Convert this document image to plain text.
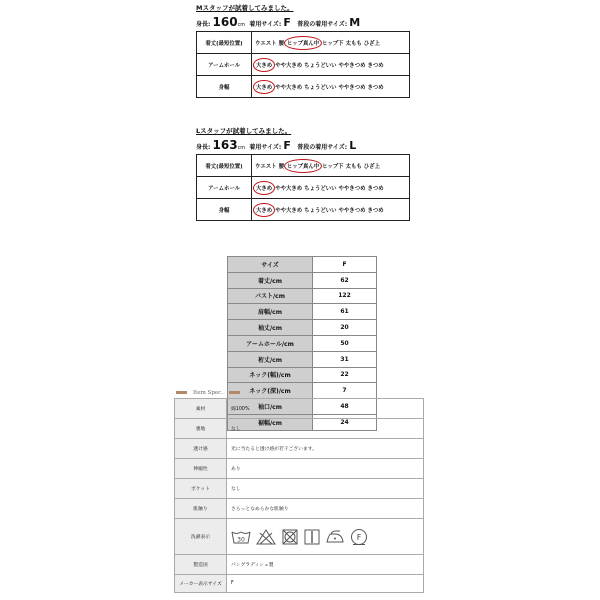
Mスタッフが試着してみました。
身長: 160cm 着用サイズ: F 普段の着用サイズ: M
着丈(最短位置)	ウエスト 腰 ヒップ真ん中 ヒップ下 太もも ひざ上
アームホール	大きめ やや大きめ ちょうどいい ややきつめ きつめ
身幅	大きめ やや大きめ ちょうどいい ややきつめ きつめ
Lスタッフが試着してみました。
身長: 163cm 着用サイズ: F 普段の着用サイズ: L
着丈(最短位置)	ウエスト 腰 ヒップ真ん中 ヒップ下 太もも ひざ上
アームホール	大きめ やや大きめ ちょうどいい ややきつめ きつめ
身幅	大きめ やや大きめ ちょうどいい ややきつめ きつめ
サイズ	F
着丈/cm	62
バスト/cm	122
肩幅/cm	61
袖丈/cm	20
アームホール/cm	50
裄丈/cm	31
ネック(幅)/cm	22
ネック(深)/cm	7
袖口/cm	48
裾幅/cm	24
Item Spec.
素材	綿100%
裏地	なし
透け感	光に当たると透け感が若干ございます。
伸縮性	あり
ポケット	なし
肌触り	さらっとなめらかな肌触り
洗濯表示	30 F

製造国	バングラディシュ製
メーカー表示サイズ	F
